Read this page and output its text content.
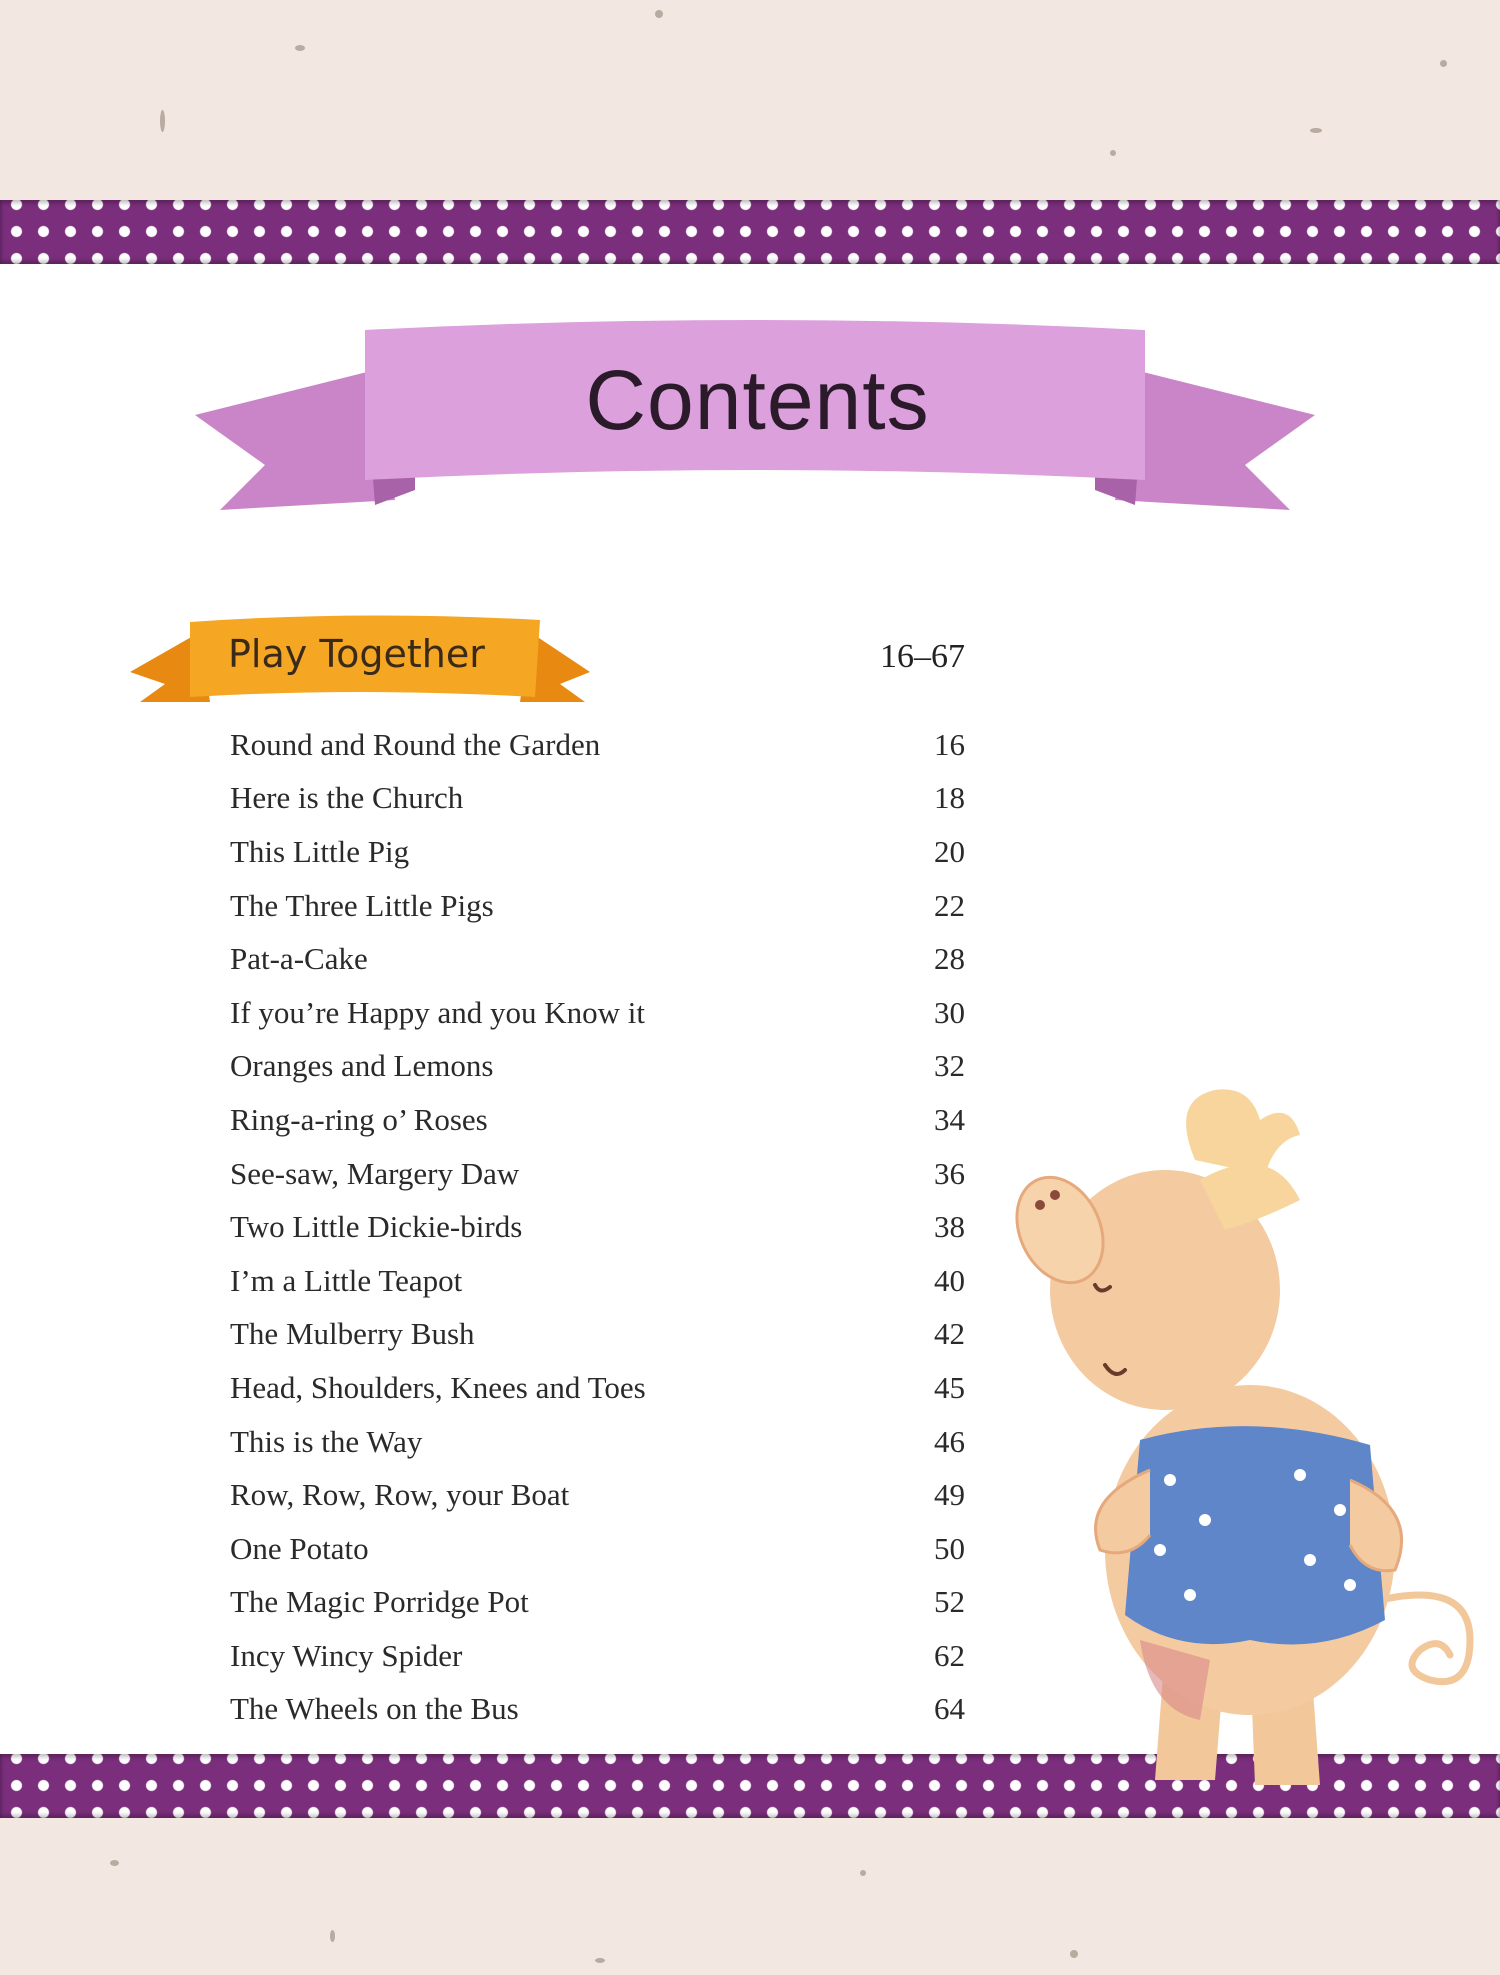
Contents
Play Together	16–67
Round and Round the Garden	16
Here is the Church	18
This Little Pig	20
The Three Little Pigs	22
Pat-a-Cake	28
If you’re Happy and you Know it	30
Oranges and Lemons	32
Ring-a-ring o’ Roses	34
See-saw, Margery Daw	36
Two Little Dickie-birds	38
I’m a Little Teapot	40
The Mulberry Bush	42
Head, Shoulders, Knees and Toes	45
This is the Way	46
Row, Row, Row, your Boat	49
One Potato	50
The Magic Porridge Pot	52
Incy Wincy Spider	62
The Wheels on the Bus	64
